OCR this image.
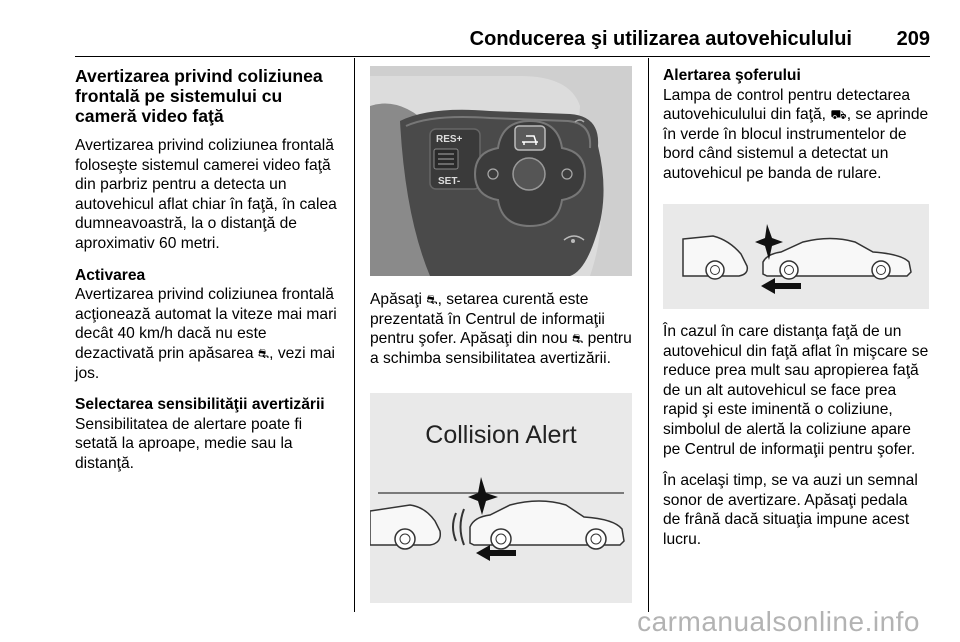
Conducerea şi utilizarea autovehiculului 209
Avertizarea privind coliziunea frontală pe sistemului cu cameră video faţă

Avertizarea privind coliziunea frontală foloseşte sistemul camerei video faţă din parbriz pentru a detecta un autovehicul aflat chiar în faţă, în calea dumneavoastră, la o distanţă de aproximativ 60 metri.

Activarea

Avertizarea privind coliziunea frontală acţionează automat la viteze mai mari decât 40 km/h dacă nu este dezactivată prin apăsarea ⛐, vezi mai jos.

Selectarea sensibilităţii avertizării

Sensibilitatea de alertare poate fi setată la aproape, medie sau la distanţă.

RES+
SET-

Apăsaţi ⛐, setarea curentă este prezentată în Centrul de informaţii pentru şofer. Apăsaţi din nou ⛐ pentru a schimba sensibilitatea avertizării.

Collision Alert
Alertarea şoferului

Lampa de control pentru detectarea autovehiculului din faţă, ⛟, se aprinde în verde în blocul instrumentelor de bord când sistemul a detectat un autovehicul pe banda de rulare.

În cazul în care distanţa faţă de un autovehicul din faţă aflat în mişcare se reduce prea mult sau apropierea faţă de un alt autovehicul se face prea rapid şi este iminentă o coliziune, simbolul de alertă la coliziune apare pe Centrul de informaţii pentru şofer.

În acelaşi timp, se va auzi un semnal sonor de avertizare. Apăsaţi pedala de frână dacă situaţia impune acest lucru.

carmanualsonline.info
